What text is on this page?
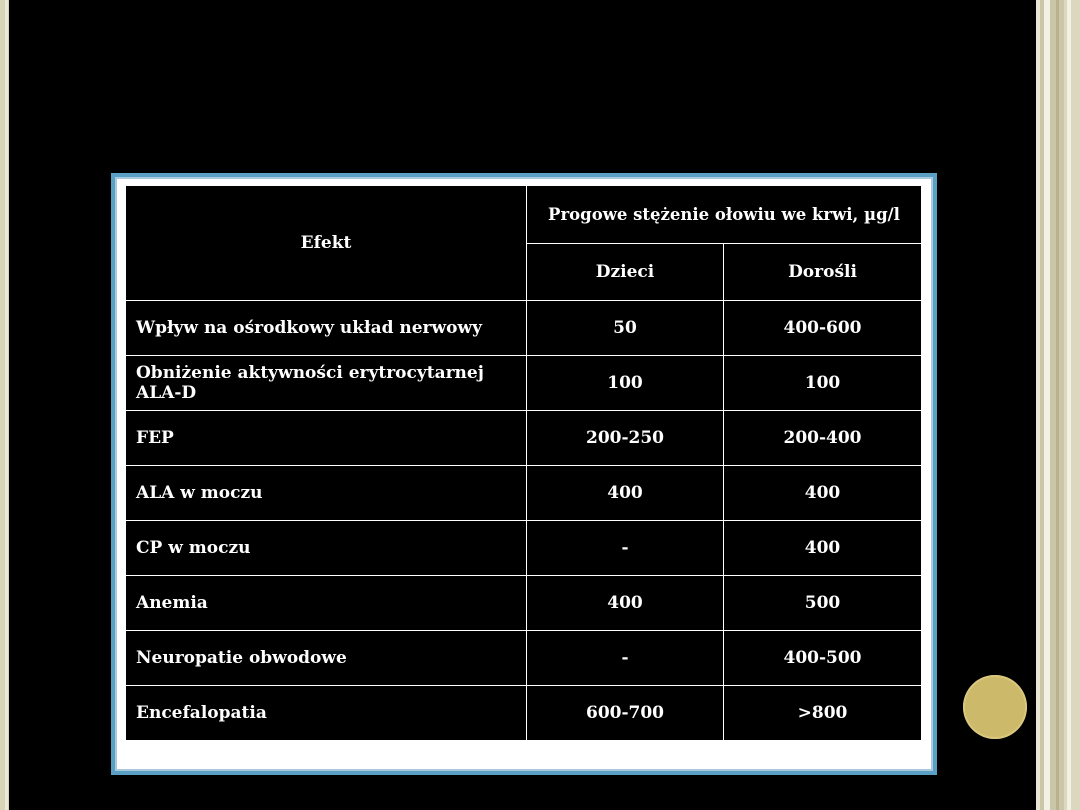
Efekt	Progowe stężenie ołowiu we krwi, µg/l	
	Dzieci	Dorośli
Wpływ na ośrodkowy układ nerwowy	50	400-600
Obniżenie aktywności erytrocytarnej ALA-D	100	100
FEP	200-250	200-400
ALA w moczu	400	400
CP w moczu	-	400
Anemia	400	500
Neuropatie obwodowe	-	400-500
Encefalopatia	600-700	>800
